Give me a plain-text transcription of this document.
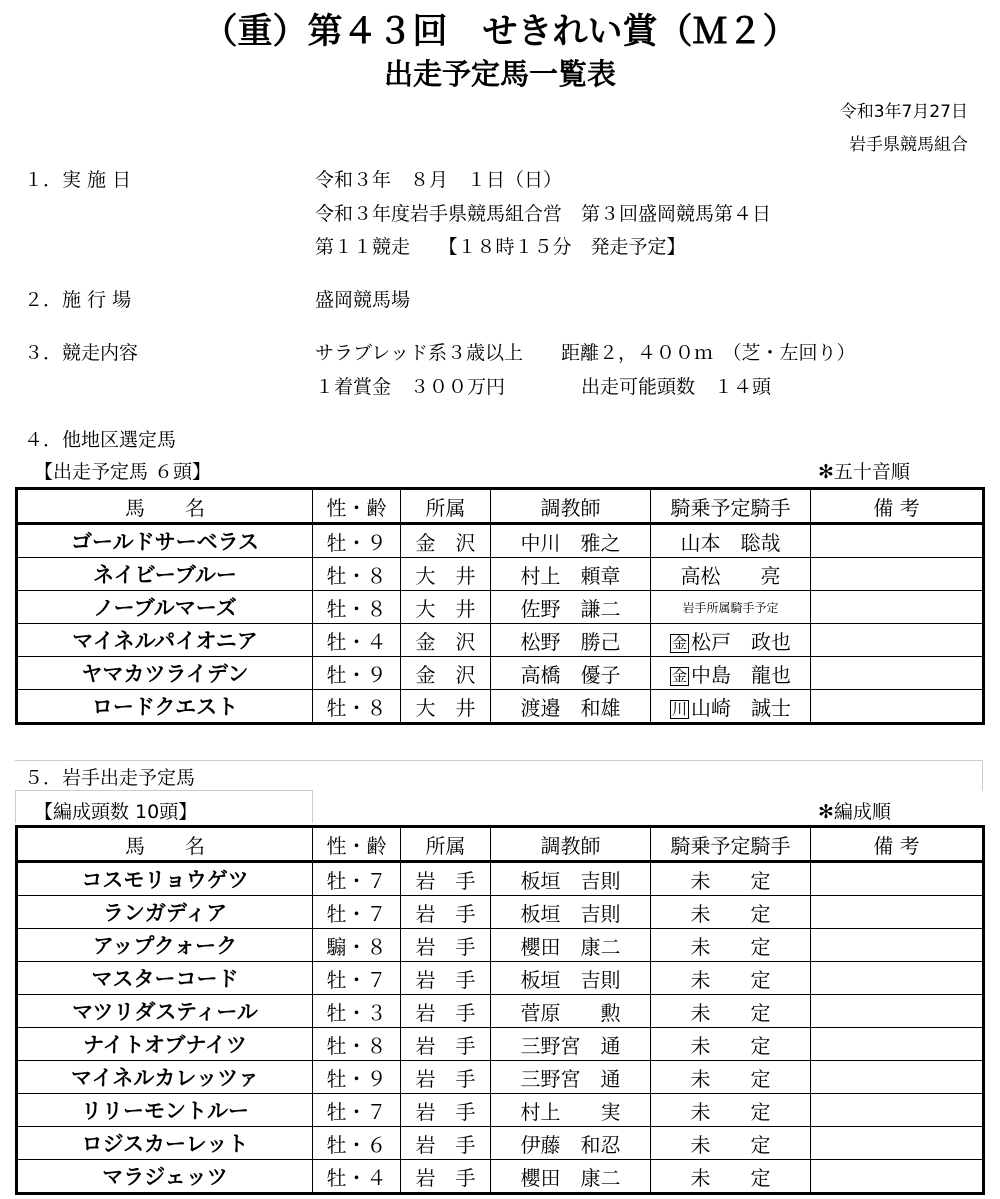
（重）第４３回　せきれい賞（Ｍ２）
出走予定馬一覧表
令和3年7月27日
岩手県競馬組合
１．実 施 日	令和３年　８月　１日（日）
令和３年度岩手県競馬組合営　第３回盛岡競馬第４日
第１１競走　　【１８時１５分　発走予定】
２．施 行 場	盛岡競馬場
３．競走内容	サラブレッド系３歳以上　　距離２，４００ｍ　（芝・左回り）
１着賞金　３００万円　　　　出走可能頭数　１４頭
４．他地区選定馬
【出走予定馬 ６頭】	✻五十音順
馬　　名	性・齢	所属	調教師	騎乗予定騎手	備 考
ゴールドサーベラス	牡・９	金　沢	中川　雅之	山本　聡哉	
ネイビーブルー	牡・８	大　井	村上　頼章	高松　　亮	
ノーブルマーズ	牡・８	大　井	佐野　謙二	岩手所属騎手予定	
マイネルパイオニア	牡・４	金　沢	松野　勝己	金 松戸　政也	
ヤマカツライデン	牡・９	金　沢	高橋　優子	金 中島　龍也	
ロードクエスト	牡・８	大　井	渡邉　和雄	川 山崎　誠士	
５．岩手出走予定馬
【編成頭数 10頭】	✻編成順
馬　　名	性・齢	所属	調教師	騎乗予定騎手	備 考
コスモリョウゲツ	牡・７	岩　手	板垣　吉則	未　　定	
ランガディア	牡・７	岩　手	板垣　吉則	未　　定	
アップクォーク	騸・８	岩　手	櫻田　康二	未　　定	
マスターコード	牡・７	岩　手	板垣　吉則	未　　定	
マツリダスティール	牡・３	岩　手	菅原　　勲	未　　定	
ナイトオブナイツ	牡・８	岩　手	三野宮　通	未　　定	
マイネルカレッツァ	牡・９	岩　手	三野宮　通	未　　定	
リリーモントルー	牡・７	岩　手	村上　　実	未　　定	
ロジスカーレット	牡・６	岩　手	伊藤　和忍	未　　定	
マラジェッツ	牡・４	岩　手	櫻田　康二	未　　定	
